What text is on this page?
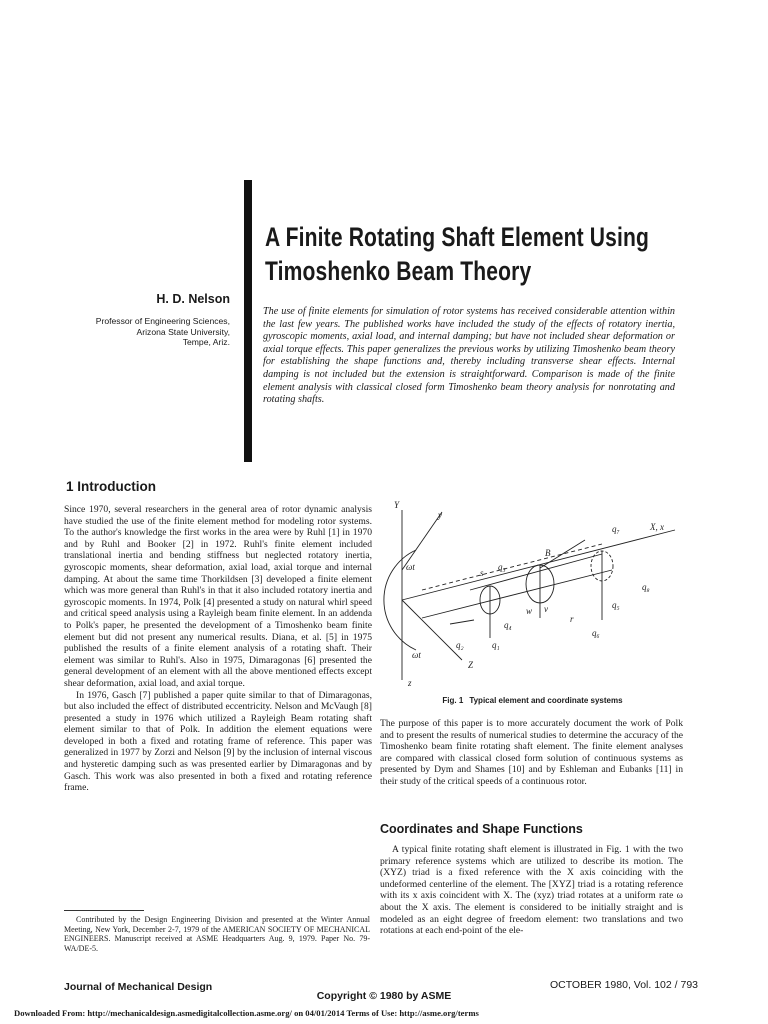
A Finite Rotating Shaft Element Using
Timoshenko Beam Theory
H. D. Nelson
Professor of Engineering Sciences,
Arizona State University,
Tempe, Ariz.
The use of finite elements for simulation of rotor systems has received considerable attention within the last few years. The published works have included the study of the effects of rotatory inertia, gyroscopic moments, axial load, and internal damping; but have not included shear deformation or axial torque effects. This paper generalizes the previous works by utilizing Timoshenko beam theory for establishing the shape functions and, thereby including transverse shear effects. Internal damping is not included but the extension is straightforward. Comparison is made of the finite element analysis with classical closed form Timoshenko beam theory analysis for nonrotating and rotating shafts.
1 Introduction

Since 1970, several researchers in the general area of rotor dynamic analysis have studied the use of the finite element method for modeling rotor systems. To the author's knowledge the first works in the area were by Ruhl [1] in 1970 and by Ruhl and Booker [2] in 1972. Ruhl's finite element included translational inertia and bending stiffness but neglected rotatory inertia, gyroscopic moments, shear deformation, axial load, axial torque and internal damping. At about the same time Thorkildsen [3] developed a finite element which was more general than Ruhl's in that it also included rotatory inertia and gyroscopic moments. In 1974, Polk [4] presented a study on natural whirl speed and critical speed analysis using a Rayleigh beam finite element. In an addenda to Polk's paper, he presented the development of a Timoshenko beam finite element but did not present any numerical results. Diana, et al. [5] in 1975 published the results of a finite element analysis of a rotating shaft. Their element was similar to Ruhl's. Also in 1975, Dimaragonas [6] presented the general development of an element with all the above mentioned effects except shear deformation, axial load, and axial torque.

In 1976, Gasch [7] published a paper quite similar to that of Dimaragonas, but also included the effect of distributed eccentricity. Nelson and McVaugh [8] presented a study in 1976 which utilized a Rayleigh Beam rotating shaft element similar to that of Polk. In addition the element equations were developed in both a fixed and rotating frame of reference. This paper was generalized in 1977 by Zorzi and Nelson [9] by the inclusion of internal viscous and hysteretic damping such as was presented earlier by Dimaragonas and by Gasch. This work was also presented in both a fixed and rotating reference frame.

Y
y
ωt
ωt
Z
z
X, x
B
s
r
w v
q₁
q₂
q₃
q₄
q₅
q₆
q₇
q₈
Fig. 1 Typical element and coordinate systems
The purpose of this paper is to more accurately document the work of Polk and to present the results of numerical studies to determine the accuracy of the Timoshenko beam finite rotating shaft element. The finite element analyses are compared with classical closed form solution of continuous systems as presented by Dym and Shames [10] and by Eshleman and Eubanks [11] in their study of the critical speeds of a continuous rotor.
Coordinates and Shape Functions
A typical finite rotating shaft element is illustrated in Fig. 1 with the two primary reference systems which are utilized to describe its motion. The (XYZ) triad is a fixed reference with the X axis coinciding with the undeformed centerline of the element. The [XYZ] triad is a rotating reference with its x axis coincident with X. The (xyz) triad rotates at a uniform rate ω about the X axis. The element is considered to be initially straight and is modeled as an eight degree of freedom element: two translations and two rotations at each end-point of the ele-
Contributed by the Design Engineering Division and presented at the Winter Annual Meeting, New York, December 2-7, 1979 of the AMERICAN SOCIETY OF MECHANICAL ENGINEERS. Manuscript received at ASME Headquarters Aug. 9, 1979. Paper No. 79-WA/DE-5.
Journal of Mechanical Design
Copyright © 1980 by ASME
OCTOBER 1980, Vol. 102 / 793
Downloaded From: http://mechanicaldesign.asmedigitalcollection.asme.org/ on 04/01/2014 Terms of Use: http://asme.org/terms
